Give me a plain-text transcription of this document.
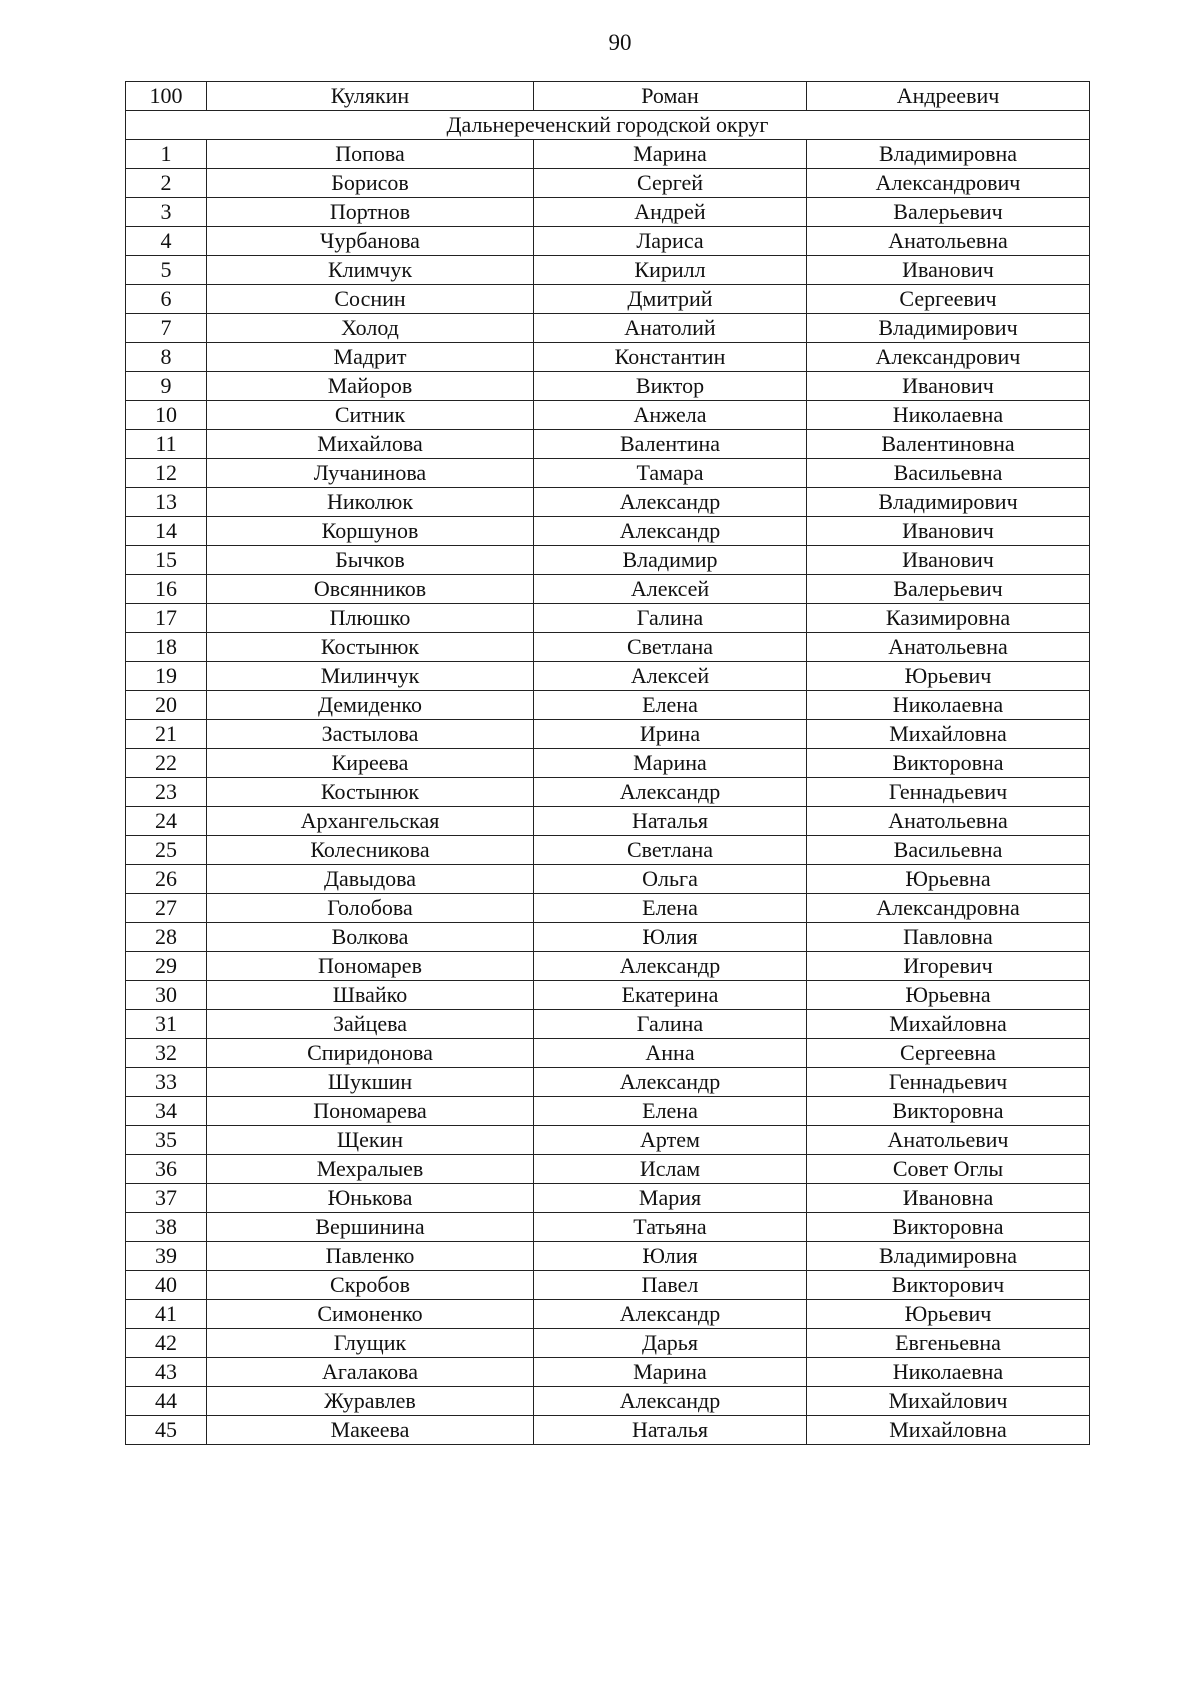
90
100	Кулякин	Роман	Андреевич
Дальнереченский городской округ			
1	Попова	Марина	Владимировна
2	Борисов	Сергей	Александрович
3	Портнов	Андрей	Валерьевич
4	Чурбанова	Лариса	Анатольевна
5	Климчук	Кирилл	Иванович
6	Соснин	Дмитрий	Сергеевич
7	Холод	Анатолий	Владимирович
8	Мадрит	Константин	Александрович
9	Майоров	Виктор	Иванович
10	Ситник	Анжела	Николаевна
11	Михайлова	Валентина	Валентиновна
12	Лучанинова	Тамара	Васильевна
13	Николюк	Александр	Владимирович
14	Коршунов	Александр	Иванович
15	Бычков	Владимир	Иванович
16	Овсянников	Алексей	Валерьевич
17	Плюшко	Галина	Казимировна
18	Костынюк	Светлана	Анатольевна
19	Милинчук	Алексей	Юрьевич
20	Демиденко	Елена	Николаевна
21	Застылова	Ирина	Михайловна
22	Киреева	Марина	Викторовна
23	Костынюк	Александр	Геннадьевич
24	Архангельская	Наталья	Анатольевна
25	Колесникова	Светлана	Васильевна
26	Давыдова	Ольга	Юрьевна
27	Голобова	Елена	Александровна
28	Волкова	Юлия	Павловна
29	Пономарев	Александр	Игоревич
30	Швайко	Екатерина	Юрьевна
31	Зайцева	Галина	Михайловна
32	Спиридонова	Анна	Сергеевна
33	Шукшин	Александр	Геннадьевич
34	Пономарева	Елена	Викторовна
35	Щекин	Артем	Анатольевич
36	Мехралыев	Ислам	Совет Оглы
37	Юнькова	Мария	Ивановна
38	Вершинина	Татьяна	Викторовна
39	Павленко	Юлия	Владимировна
40	Скробов	Павел	Викторович
41	Симоненко	Александр	Юрьевич
42	Глущик	Дарья	Евгеньевна
43	Агалакова	Марина	Николаевна
44	Журавлев	Александр	Михайлович
45	Макеева	Наталья	Михайловна
